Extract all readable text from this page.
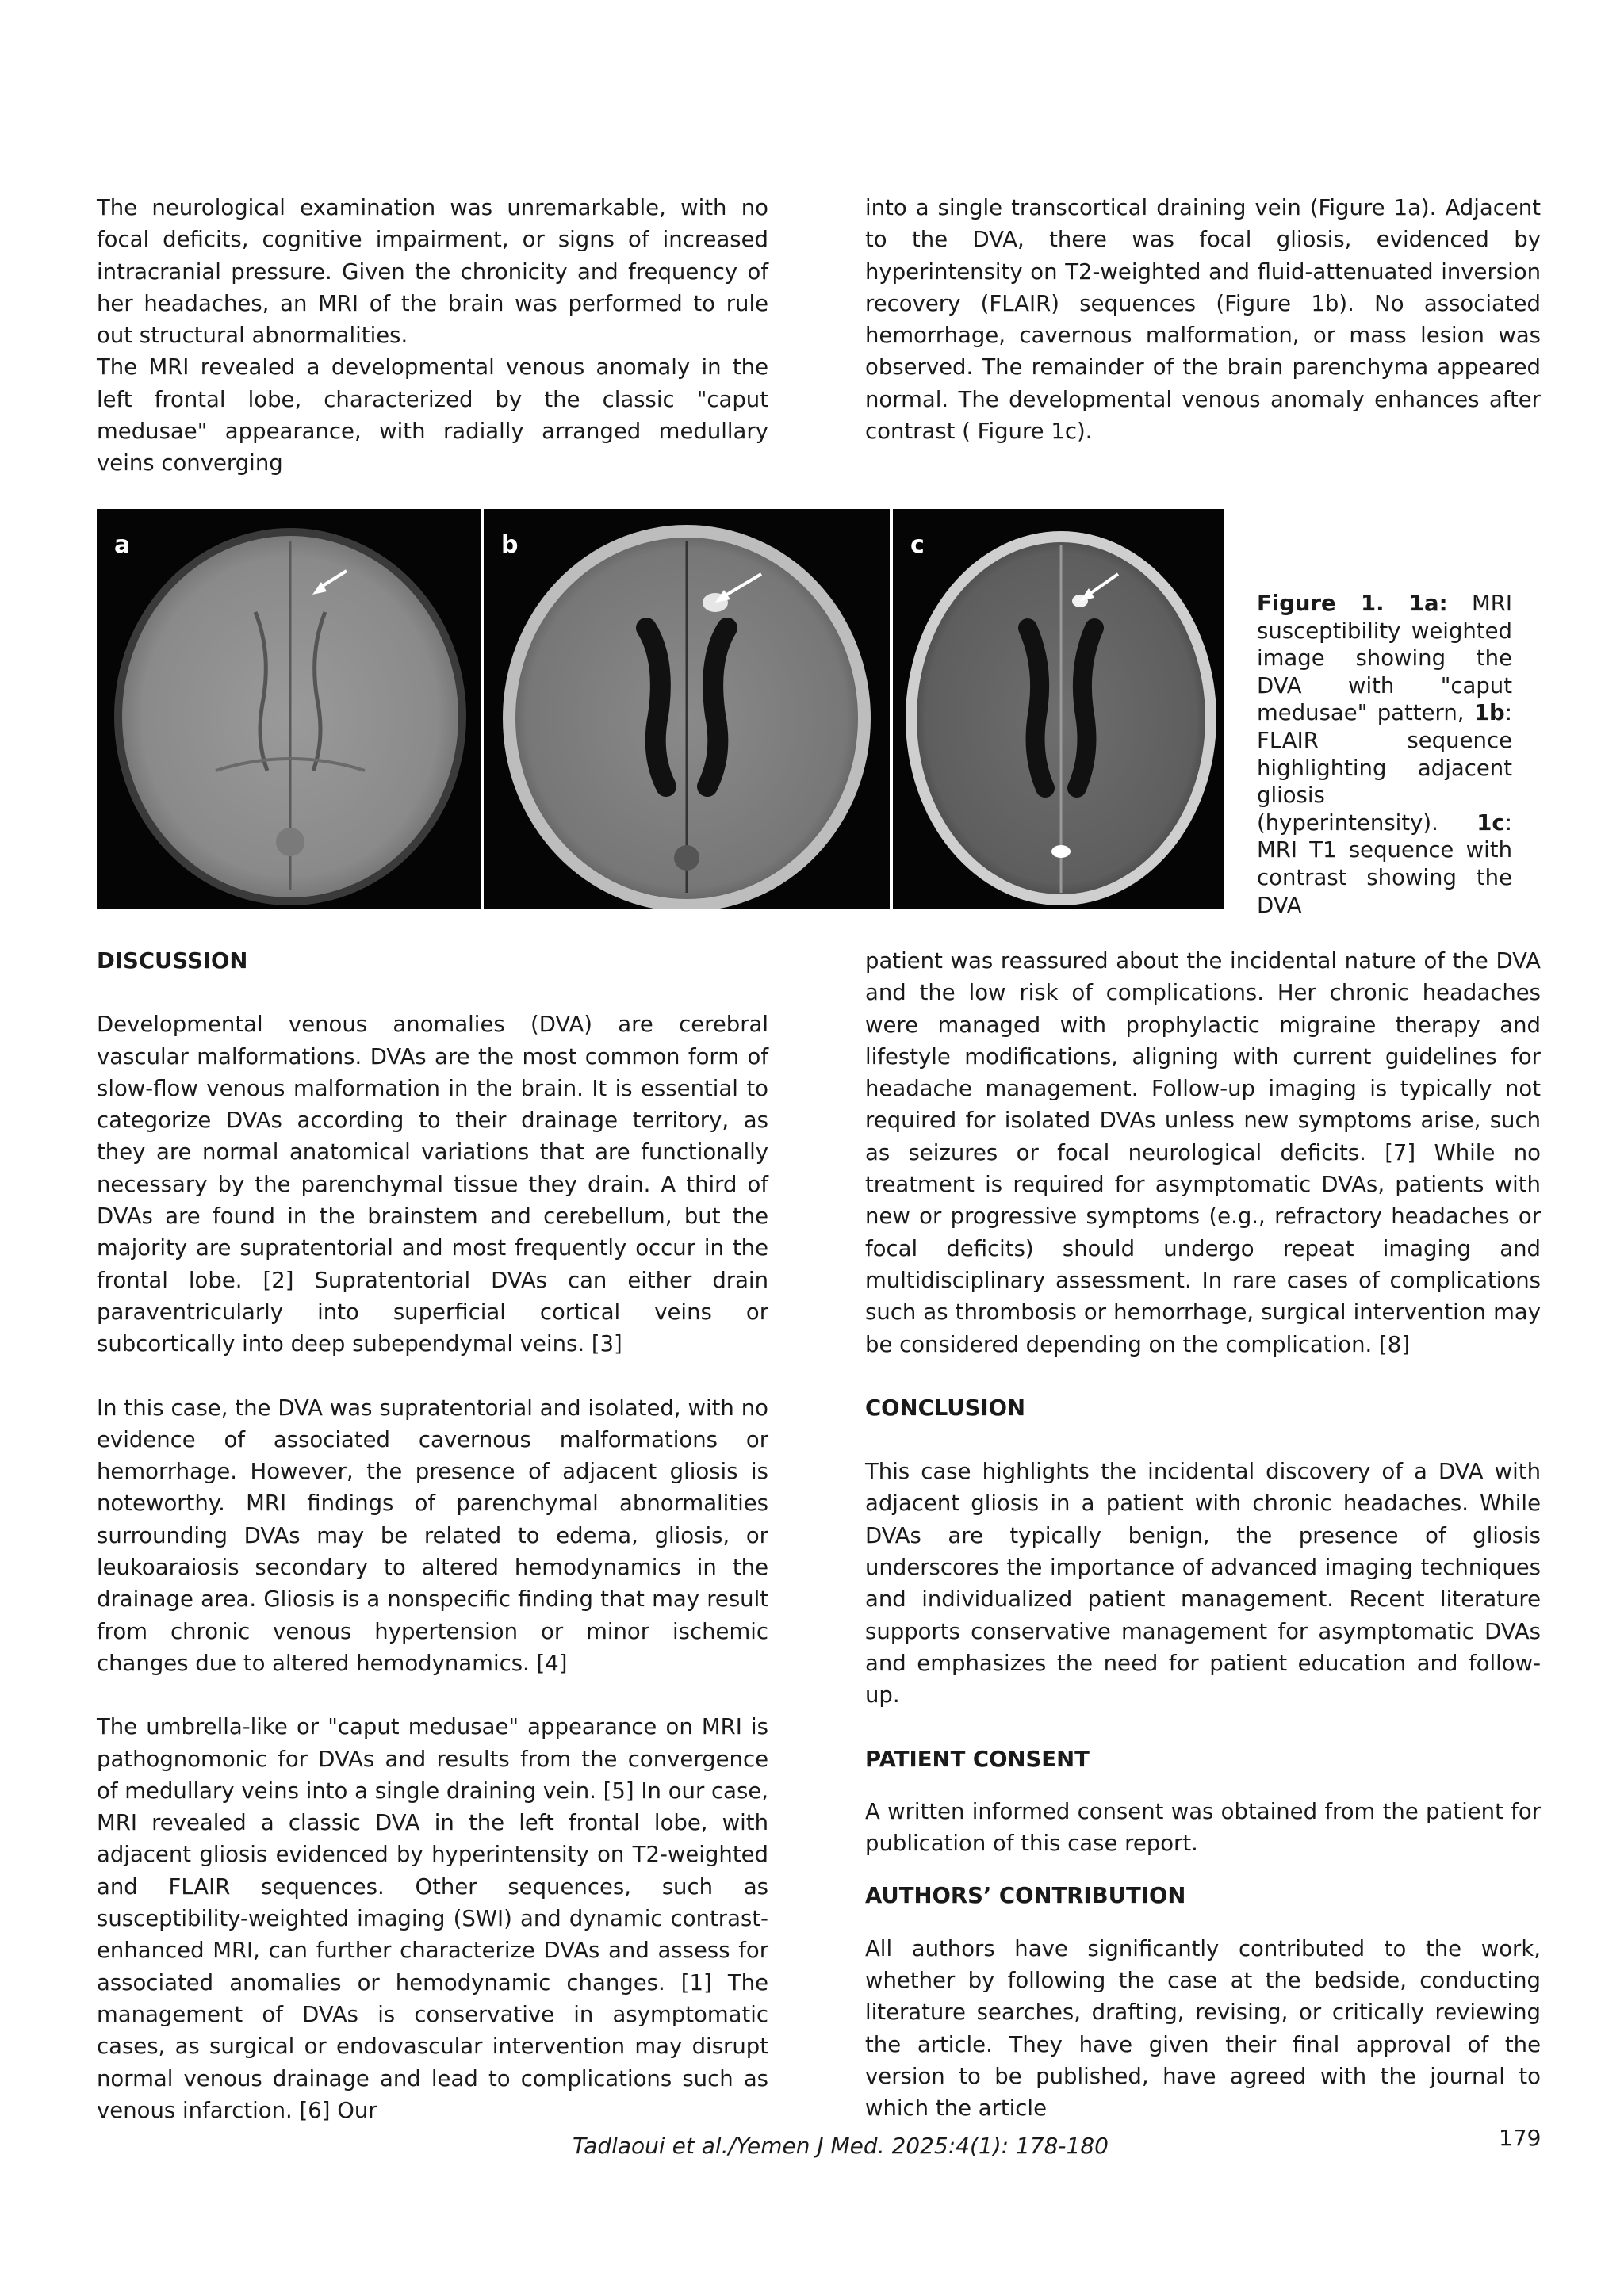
The neurological examination was unremarkable, with no focal deficits, cognitive impairment, or signs of increased intracranial pressure. Given the chronicity and frequency of her headaches, an MRI of the brain was performed to rule out structural abnormalities.

The MRI revealed a developmental venous anomaly in the left frontal lobe, characterized by the classic "caput medusae" appearance, with radially arranged medullary veins converging

into a single transcortical draining vein (Figure 1a). Adjacent to the DVA, there was focal gliosis, evidenced by hyperintensity on T2-weighted and fluid-attenuated inversion recovery (FLAIR) sequences (Figure 1b). No associated hemorrhage, cavernous malformation, or mass lesion was observed. The remainder of the brain parenchyma appeared normal. The developmental venous anomaly enhances after contrast ( Figure 1c).

a	b	c
Figure 1. 1a: MRI susceptibility weighted image showing the DVA with "caput medusae" pattern, 1b: FLAIR sequence highlighting adjacent gliosis (hyperintensity). 1c: MRI T1 sequence with contrast showing the DVA
DISCUSSION

Developmental venous anomalies (DVA) are cerebral vascular malformations. DVAs are the most common form of slow-flow venous malformation in the brain. It is essential to categorize DVAs according to their drainage territory, as they are normal anatomical variations that are functionally necessary by the parenchymal tissue they drain. A third of DVAs are found in the brainstem and cerebellum, but the majority are supratentorial and most frequently occur in the frontal lobe. [2] Supratentorial DVAs can either drain paraventricularly into superficial cortical veins or subcortically into deep subependymal veins. [3]

In this case, the DVA was supratentorial and isolated, with no evidence of associated cavernous malformations or hemorrhage. However, the presence of adjacent gliosis is noteworthy. MRI findings of parenchymal abnormalities surrounding DVAs may be related to edema, gliosis, or leukoaraiosis secondary to altered hemodynamics in the drainage area. Gliosis is a nonspecific finding that may result from chronic venous hypertension or minor ischemic changes due to altered hemodynamics. [4]

The umbrella-like or "caput medusae" appearance on MRI is pathognomonic for DVAs and results from the convergence of medullary veins into a single draining vein. [5] In our case, MRI revealed a classic DVA in the left frontal lobe, with adjacent gliosis evidenced by hyperintensity on T2-weighted and FLAIR sequences. Other sequences, such as susceptibility-weighted imaging (SWI) and dynamic contrast-enhanced MRI, can further characterize DVAs and assess for associated anomalies or hemodynamic changes. [1] The management of DVAs is conservative in asymptomatic cases, as surgical or endovascular intervention may disrupt normal venous drainage and lead to complications such as venous infarction. [6] Our

patient was reassured about the incidental nature of the DVA and the low risk of complications. Her chronic headaches were managed with prophylactic migraine therapy and lifestyle modifications, aligning with current guidelines for headache management. Follow-up imaging is typically not required for isolated DVAs unless new symptoms arise, such as seizures or focal neurological deficits. [7] While no treatment is required for asymptomatic DVAs, patients with new or progressive symptoms (e.g., refractory headaches or focal deficits) should undergo repeat imaging and multidisciplinary assessment. In rare cases of complications such as thrombosis or hemorrhage, surgical intervention may be considered depending on the complication. [8]

CONCLUSION

This case highlights the incidental discovery of a DVA with adjacent gliosis in a patient with chronic headaches. While DVAs are typically benign, the presence of gliosis underscores the importance of advanced imaging techniques and individualized patient management. Recent literature supports conservative management for asymptomatic DVAs and emphasizes the need for patient education and follow-up.

PATIENT CONSENT

A written informed consent was obtained from the patient for publication of this case report.

AUTHORS’ CONTRIBUTION

All authors have significantly contributed to the work, whether by following the case at the bedside, conducting literature searches, drafting, revising, or critically reviewing the article. They have given their final approval of the version to be published, have agreed with the journal to which the article

Tadlaoui et al./Yemen J Med. 2025:4(1): 178-180	179
